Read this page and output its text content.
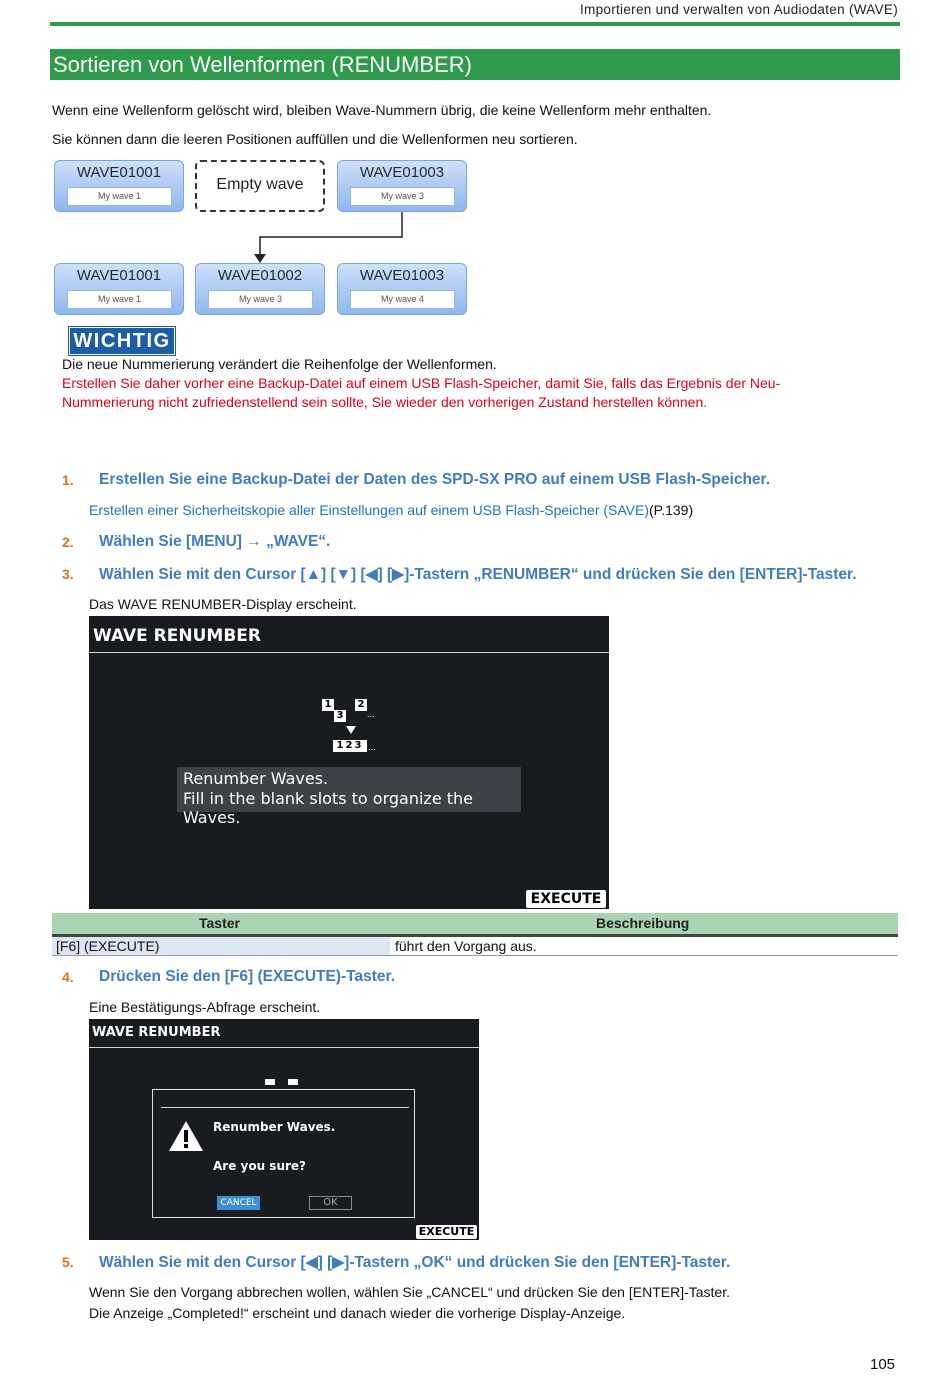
Importieren und verwalten von Audiodaten (WAVE)
Sortieren von Wellenformen (RENUMBER)
Wenn eine Wellenform gelöscht wird, bleiben Wave-Nummern übrig, die keine Wellenform mehr enthalten.
Sie können dann die leeren Positionen auffüllen und die Wellenformen neu sortieren.
WAVE01001
My wave 1
Empty wave
WAVE01003
My wave 3
WAVE01001
My wave 1
WAVE01002
My wave 3
WAVE01003
My wave 4
WICHTIG
Die neue Nummerierung verändert die Reihenfolge der Wellenformen.
Erstellen Sie daher vorher eine Backup-Datei auf einem USB Flash-Speicher, damit Sie, falls das Ergebnis der Neu-
Nummerierung nicht zufriedenstellend sein sollte, Sie wieder den vorherigen Zustand herstellen können.
1. Erstellen Sie eine Backup-Datei der Daten des SPD-SX PRO auf einem USB Flash-Speicher.
Erstellen einer Sicherheitskopie aller Einstellungen auf einem USB Flash-Speicher (SAVE)(P.139)
2. Wählen Sie [MENU] → „WAVE“.
3. Wählen Sie mit den Cursor [▲] [▼] [◀] [▶]-Tastern „RENUMBER“ und drücken Sie den [ENTER]-Taster.
Das WAVE RENUMBER-Display erscheint.
WAVE RENUMBER
1	2
3	...
123 ...
Renumber Waves.
Fill in the blank slots to organize the Waves.
EXECUTE
Taster	Beschreibung
[F6] (EXECUTE)	führt den Vorgang aus.
4. Drücken Sie den [F6] (EXECUTE)-Taster.
Eine Bestätigungs-Abfrage erscheint.
WAVE RENUMBER
EXECUTE
Renumber Waves.
Are you sure?
CANCEL	OK
5. Wählen Sie mit den Cursor [◀] [▶]-Tastern „OK“ und drücken Sie den [ENTER]-Taster.
Wenn Sie den Vorgang abbrechen wollen, wählen Sie „CANCEL“ und drücken Sie den [ENTER]-Taster.
Die Anzeige „Completed!“ erscheint und danach wieder die vorherige Display-Anzeige.
105
